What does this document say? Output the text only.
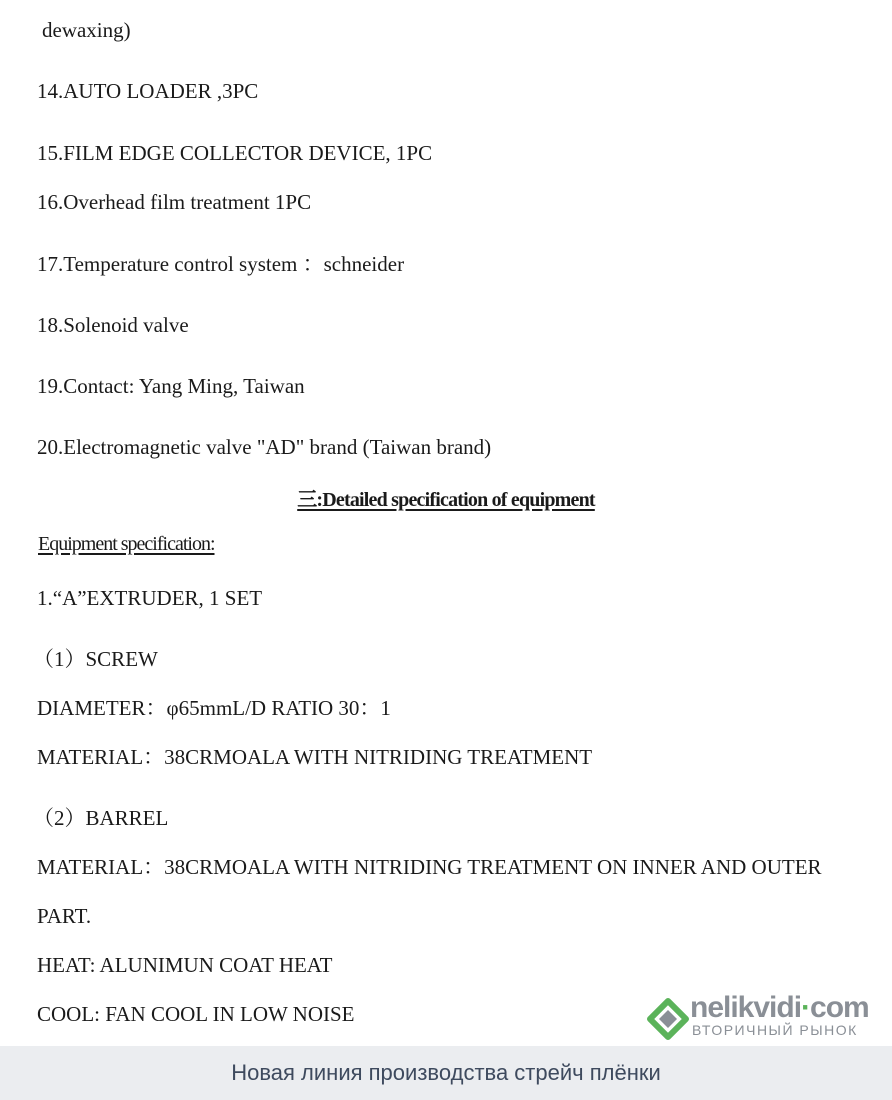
dewaxing)
14.AUTO LOADER ,3PC
15.FILM EDGE COLLECTOR DEVICE, 1PC
16.Overhead film treatment 1PC
17.Temperature control system ：schneider
18.Solenoid valve
19.Contact: Yang Ming, Taiwan
20.Electromagnetic valve "AD" brand (Taiwan brand)
三:Detailed specification of equipment
Equipment specification:
1.“A”EXTRUDER, 1 SET
（1）SCREW
DIAMETER：φ65mmL/D RATIO 30：1
MATERIAL：38CRMOALA WITH NITRIDING TREATMENT
（2）BARREL
MATERIAL：38CRMOALA WITH NITRIDING TREATMENT ON INNER AND OUTER
PART.
HEAT: ALUNIMUN COAT HEAT
COOL: FAN COOL IN LOW NOISE	nelikvidi·com
ВТОРИЧНЫЙ РЫНОК
Новая линия производства стрейч плёнки
